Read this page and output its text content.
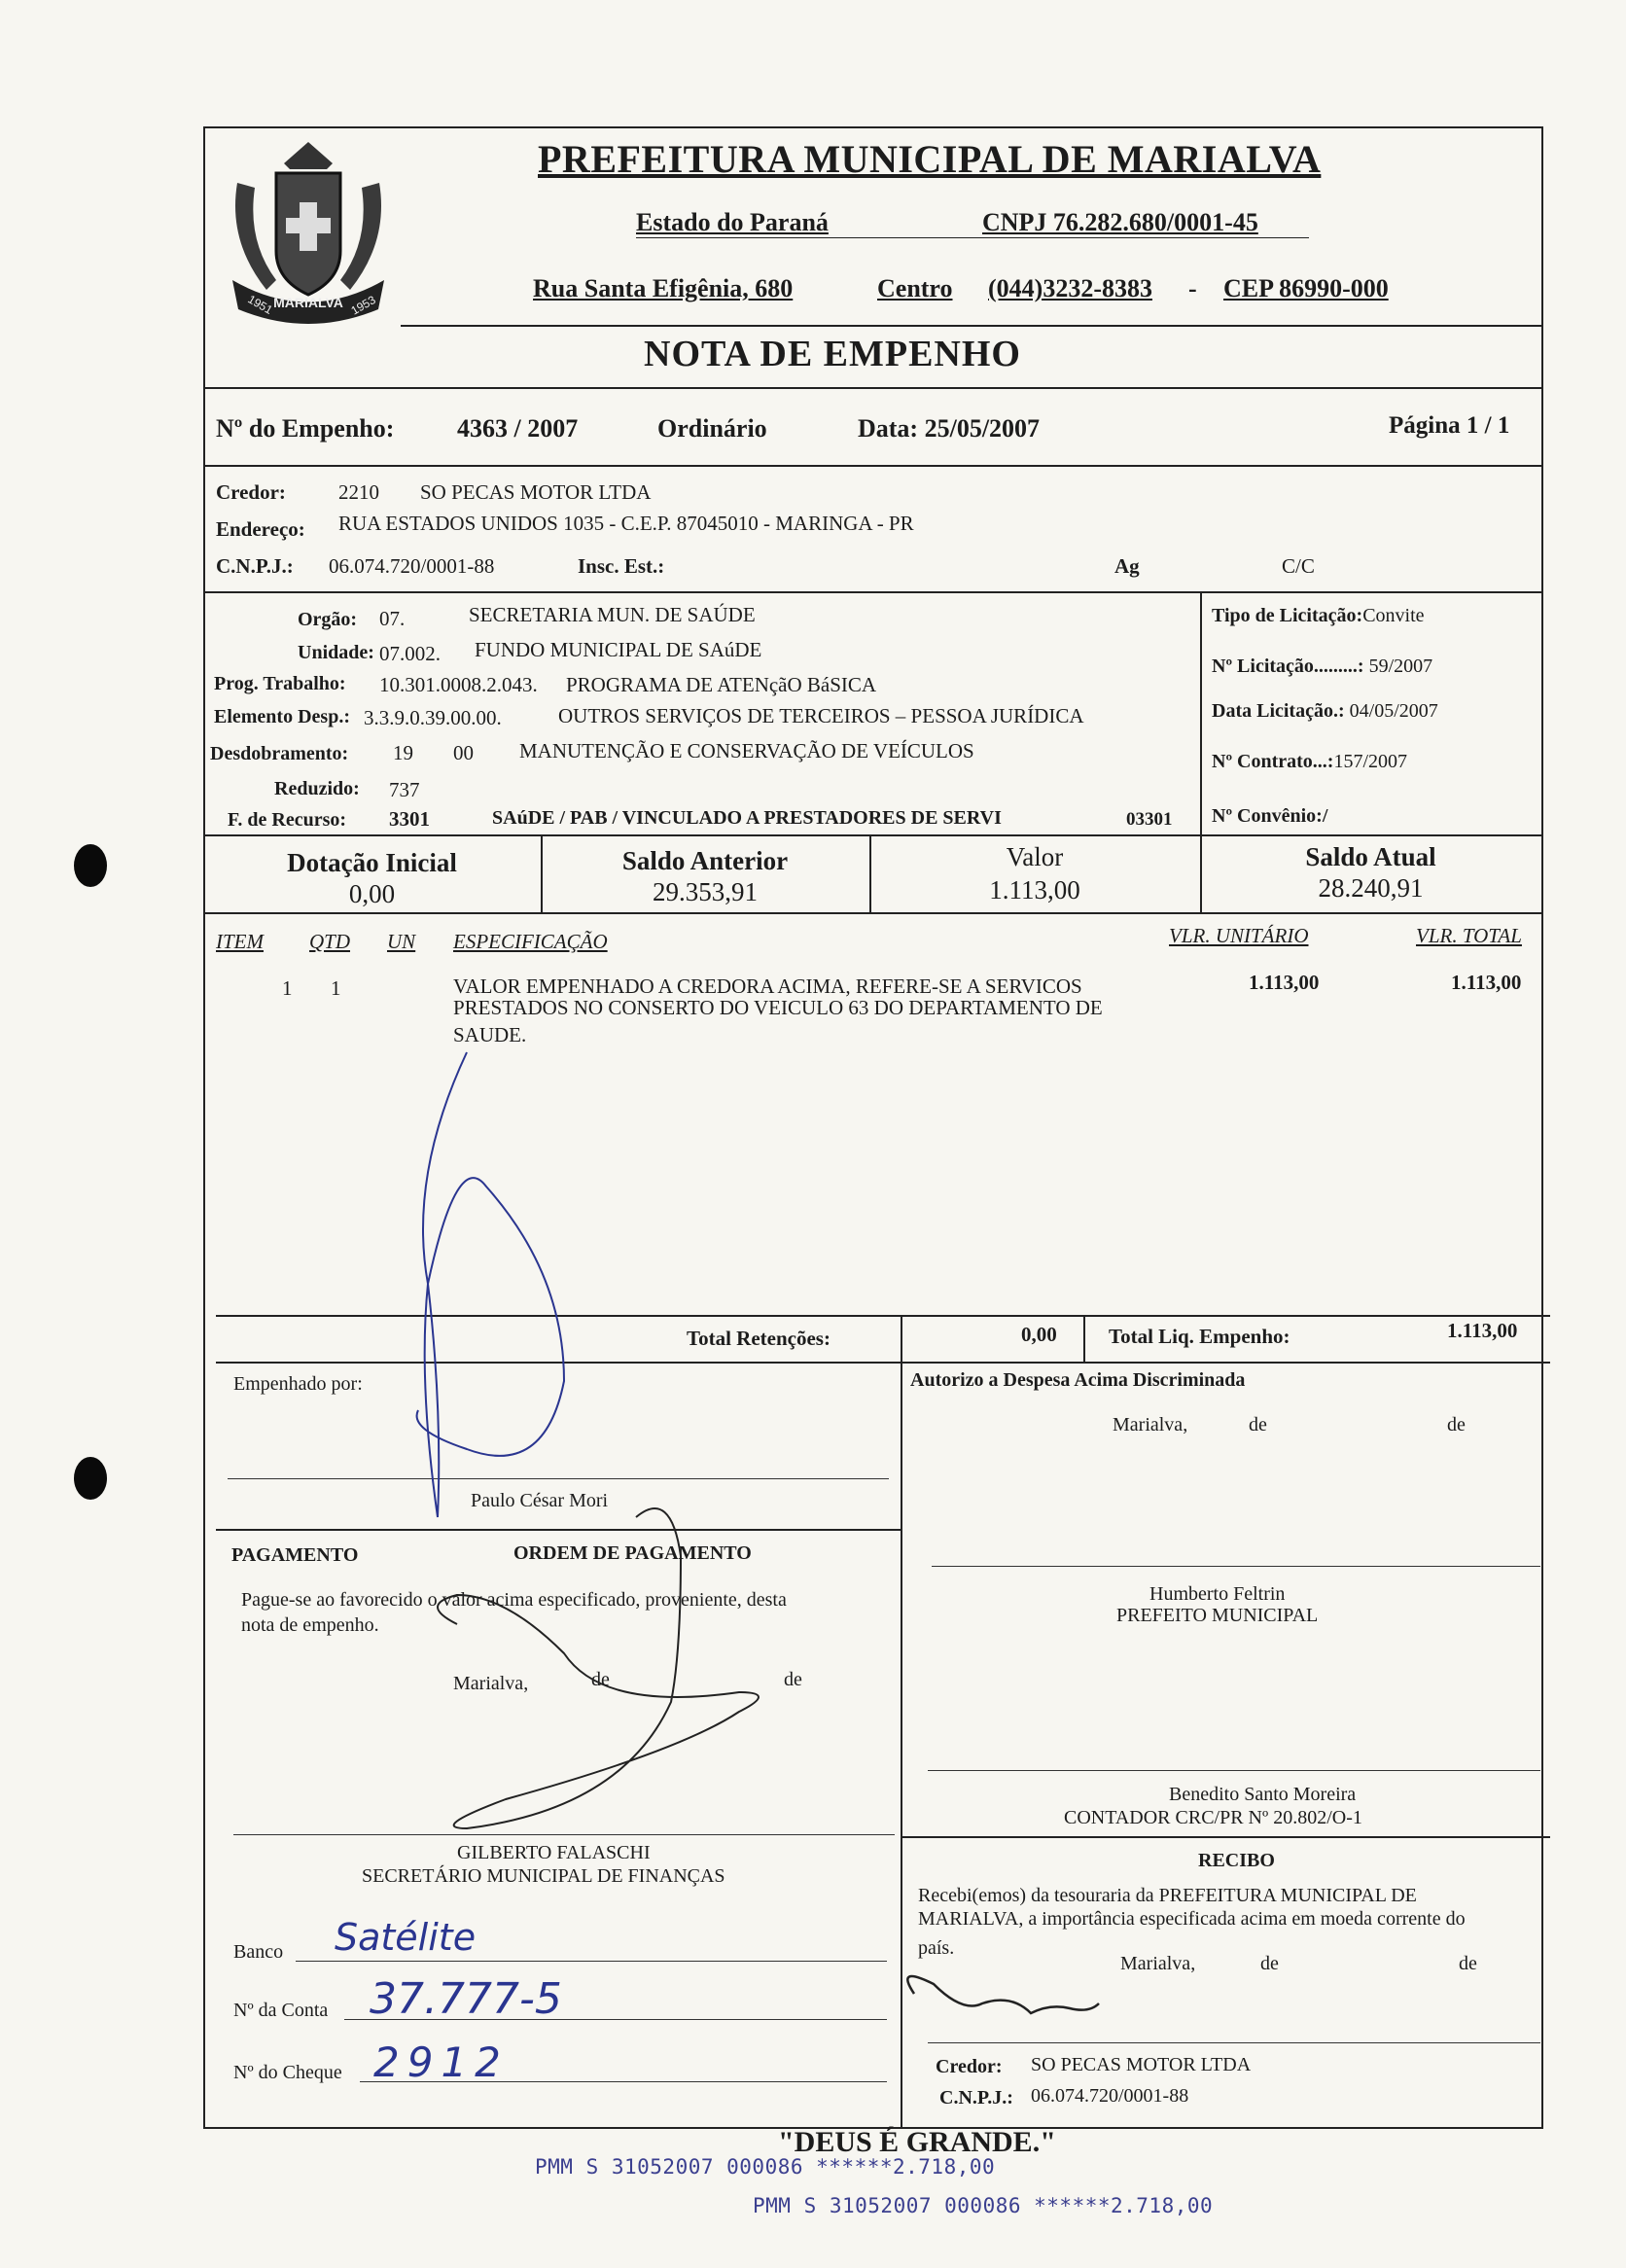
MARIALVA
1951	1953
PREFEITURA MUNICIPAL DE MARIALVA
Estado do Paraná	CNPJ 76.282.680/0001-45
Rua Santa Efigênia, 680	Centro (044)3232-8383 - CEP 86990-000
NOTA DE EMPENHO
Nº do Empenho: 4363 / 2007	Ordinário	Data: 25/05/2007	Página 1 / 1
Credor:	2210 SO PECAS MOTOR LTDA
Endereço: RUA ESTADOS UNIDOS 1035 - C.E.P. 87045010 - MARINGA - PR
C.N.P.J.: 06.074.720/0001-88	Insc. Est.:	Ag	C/C
Orgão: 07.	SECRETARIA MUN. DE SAÚDE
Unidade: 07.002. FUNDO MUNICIPAL DE SAúDE
Prog. Trabalho: 10.301.0008.2.043. PROGRAMA DE ATENçãO BáSICA
Elemento Desp.: 3.3.9.0.39.00.00.	OUTROS SERVIÇOS DE TERCEIROS – PESSOA JURÍDICA
Desdobramento: 19 00 MANUTENÇÃO E CONSERVAÇÃO DE VEÍCULOS
Reduzido: 737
F. de Recurso: 3301	SAúDE / PAB / VINCULADO A PRESTADORES DE SERVI	03301
Tipo de Licitação:Convite
Nº Licitação.........: 59/2007
Data Licitação.: 04/05/2007
Nº Contrato...:157/2007
Nº Convênio:/
Dotação Inicial
0,00
Saldo Anterior
29.353,91
Valor
1.113,00
Saldo Atual
28.240,91
ITEM QTD UN ESPECIFICAÇÃO	VLR. UNITÁRIO	VLR. TOTAL
1 1	VALOR EMPENHADO A CREDORA ACIMA, REFERE-SE A SERVICOS
PRESTADOS NO CONSERTO DO VEICULO 63 DO DEPARTAMENTO DE
SAUDE.
1.113,00	1.113,00
Total Retenções:	0,00	Total Liq. Empenho:	1.113,00
Empenhado por:
Paulo César Mori
Autorizo a Despesa Acima Discriminada
Marialva,	de	de
Humberto Feltrin
PREFEITO MUNICIPAL
PAGAMENTO	ORDEM DE PAGAMENTO
Pague-se ao favorecido o valor acima especificado, proveniente, desta
nota de empenho.
Marialva,	de	de
GILBERTO FALASCHI
SECRETÁRIO MUNICIPAL DE FINANÇAS
Benedito Santo Moreira
CONTADOR CRC/PR Nº 20.802/O-1
RECIBO
Recebi(emos) da tesouraria da PREFEITURA MUNICIPAL DE
MARIALVA, a importância especificada acima em moeda corrente do
país.
Marialva,	de	de
Credor: SO PECAS MOTOR LTDA
C.N.P.J.: 06.074.720/0001-88
Banco Satélite
Nº da Conta 37.777-5
Nº do Cheque 2912
"DEUS É GRANDE."
PMM S 31052007 000086 ******2.718,00
PMM S 31052007 000086 ******2.718,00
